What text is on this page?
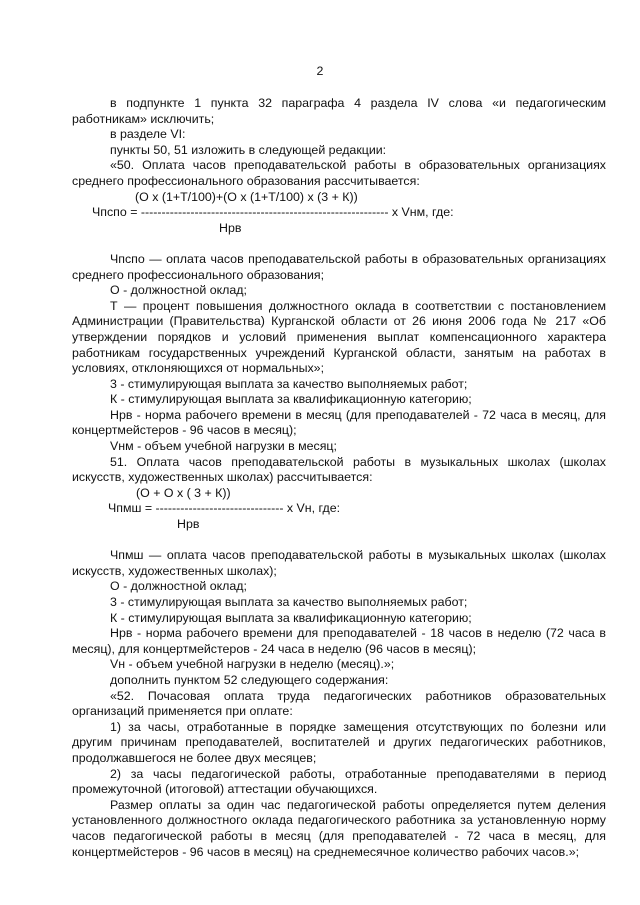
2

в подпункте 1 пункта 32 параграфа 4 раздела IV слова «и педагогическим работникам» исключить;

в разделе VI:

пункты 50, 51 изложить в следующей редакции:

«50. Оплата часов преподавательской работы в образовательных организациях среднего профессионального образования рассчитывается:

(О х (1+Т/100)+(О х (1+Т/100) х (3 + К))

Чпспо = ------------------------------------------------------------ х Vнм, где:

Нрв

Чпспо — оплата часов преподавательской работы в образовательных организациях среднего профессионального образования;

О - должностной оклад;

Т — процент повышения должностного оклада в соответствии с постановлением Администрации (Правительства) Курганской области от 26 июня 2006 года № 217 «Об утверждении порядков и условий применения выплат компенсационного характера работникам государственных учреждений Курганской области, занятым на работах в условиях, отклоняющихся от нормальных»;

3 - стимулирующая выплата за качество выполняемых работ;

К - стимулирующая выплата за квалификационную категорию;

Нрв - норма рабочего времени в месяц (для преподавателей - 72 часа в месяц, для концертмейстеров - 96 часов в месяц);

Vнм - объем учебной нагрузки в месяц;

51. Оплата часов преподавательской работы в музыкальных школах (школах искусств, художественных школах) рассчитывается:

(О + О х ( 3 + К))

Чпмш = ------------------------------- х Vн, где:

Нрв

Чпмш — оплата часов преподавательской работы в музыкальных школах (школах искусств, художественных школах);

О - должностной оклад;

3 - стимулирующая выплата за качество выполняемых работ;

К - стимулирующая выплата за квалификационную категорию;

Нрв - норма рабочего времени для преподавателей - 18 часов в неделю (72 часа в месяц), для концертмейстеров - 24 часа в неделю (96 часов в месяц);

Vн - объем учебной нагрузки в неделю (месяц).»;

дополнить пунктом 52 следующего содержания:

«52. Почасовая оплата труда педагогических работников образовательных организаций применяется при оплате:

1) за часы, отработанные в порядке замещения отсутствующих по болезни или другим причинам преподавателей, воспитателей и других педагогических работников, продолжавшегося не более двух месяцев;

2) за часы педагогической работы, отработанные преподавателями в период промежуточной (итоговой) аттестации обучающихся.

Размер оплаты за один час педагогической работы определяется путем деления установленного должностного оклада педагогического работника за установленную норму часов педагогической работы в месяц (для преподавателей - 72 часа в месяц, для концертмейстеров - 96 часов в месяц) на среднемесячное количество рабочих часов.»;
